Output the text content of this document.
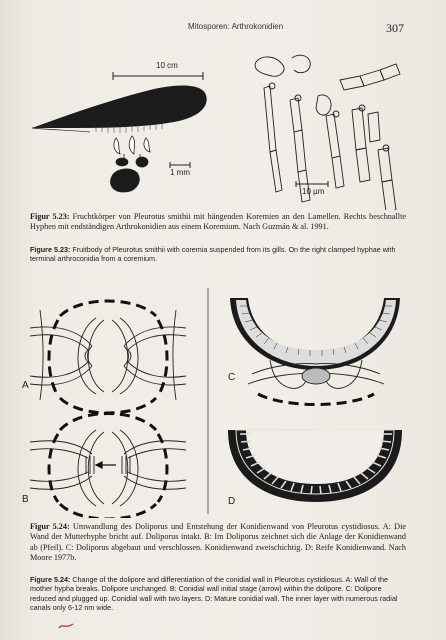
Mitosporen: Arthrokonidien	307
10 cm
1 mm
10 µm
Figur 5.23: Fruchtkörper von Pleurotus smithii mit hängenden Koremien an den Lamellen. Rechts beschnallte Hyphen mit endständigen Arthrokonidien aus einem Koremium. Nach Guzmán & al. 1991.
Figure 5.23: Fruitbody of Pleurotus smithii with coremia suspended from its gills. On the right clamped hyphae with terminal arthroconidia from a coremium.
A
B
C
D
Figur 5.24: Umwandlung des Doliporus und Entstehung der Konidienwand von Pleurotus cystidiosus. A: Die Wand der Mutterhyphe bricht auf. Doliporus intakt. B: Im Doliporus zeichnet sich die Anlage der Konidienwand ab (Pfeil). C: Doliporus abgebaut und verschlossen. Konidienwand zweischichtig. D: Reife Konidienwand. Nach Moore 1977b.
Figure 5.24: Change of the dolipore and differentiation of the conidial wall in Pleurotus cystidiosus. A: Wall of the mother hypha breaks. Dolipore unchanged. B: Conidial wall initial stage (arrow) within the dolipore. C: Dolipore reduced and plugged up. Conidial wall with two layers. D: Mature conidial wall. The inner layer with numerous radial canals only 6-12 nm wide.
